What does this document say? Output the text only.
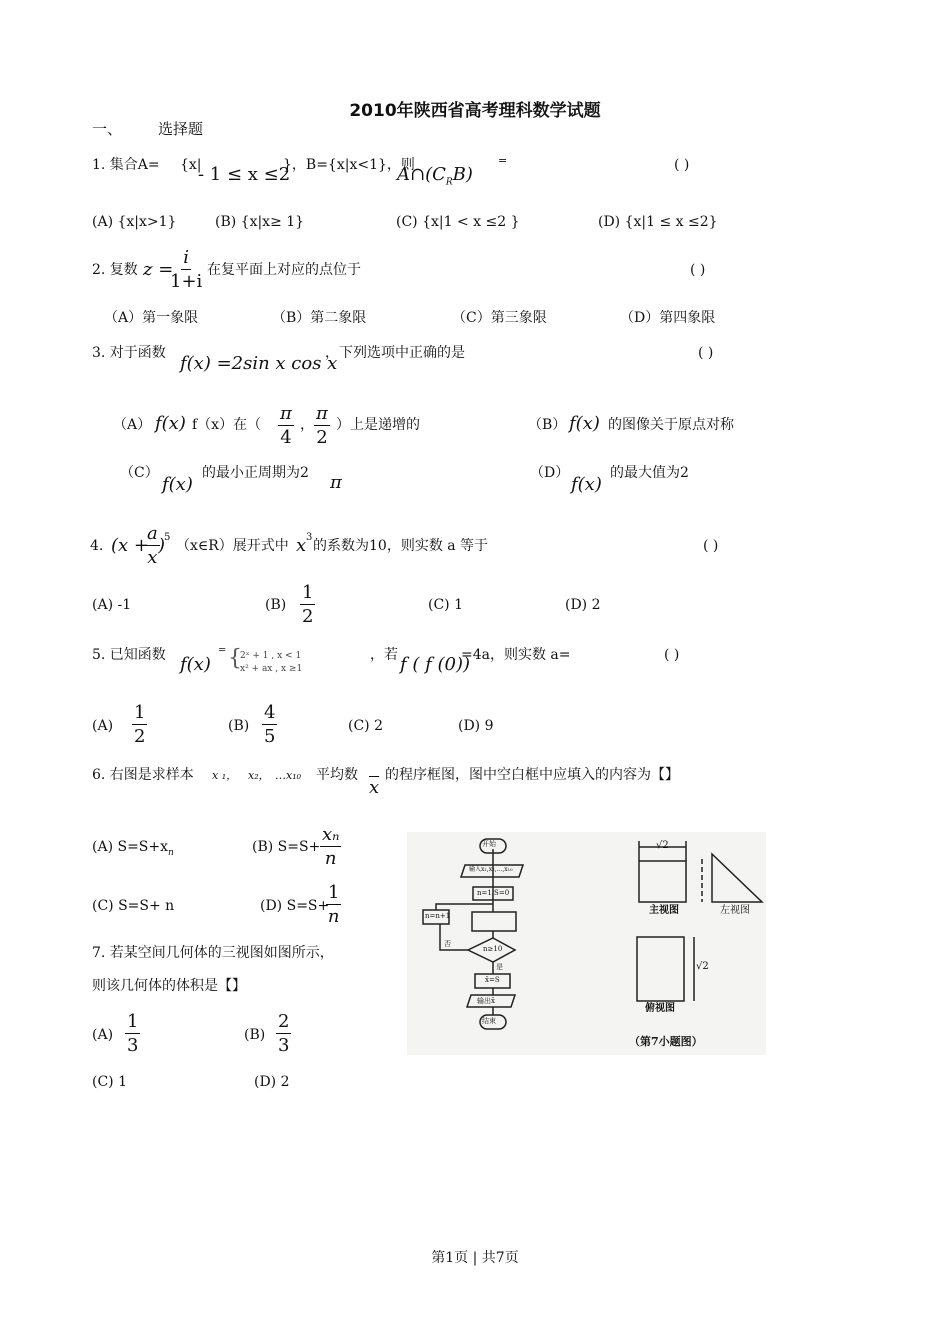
2010年陕西省高考理科数学试题
一、 选择题
1. 集合A= {x|
- 1 ≤ x ≤2
}，B={x|x<1}，则
$A\cap(C_RB)$
=	( )
(A) {x|x>1}	(B) {x|x≥ 1}	(C) {x|1 < x ≤2 }	(D) {x|1 ≤ x ≤2}
2. 复数 z =
$\frac{i}{1+i}$ 在复平面上对应的点位于	( )
（A）第一象限	（B）第二象限	（C）第三象限	（D）第四象限
3. 对于函数 f(x) =2sin x cos x
，下列选项中正确的是	( )
（A） f(x) f（x）在（ $\frac{\pi}{4}$ ， $\frac{\pi}{2}$ ）上是递增的	（B） f(x) 的图像关于原点对称
（C）
f(x)
的最小正周期为2 π	（D）
f(x)
的最大值为2
4. (x +
$\frac{a}{x}$
)
5
（x∈R）展开式中 x 3
的系数为10，则实数 a 等于	( )
(A) -1	$(B) \frac{1}{2}$	(C) 1	(D) 2
5. 已知函数 f(x)
= {
2ˣ + 1 , x < 1
x² + ax , x ≥1
，若 f ( f (0))
=4a，则实数 a=	( )
$(A) \frac{1}{2}$	$(B) \frac{4}{5}$	(C) 2	(D) 9
6. 右图是求样本 x ₁， x₂， …x₁₀ 平均数
$\overline{x}$
的程序框图，图中空白框中应填入的内容为【】
(A) $S=S+x_n$	(B) $S=S+ \frac{\text{xₙ}}{n}$
(C) S=S+ n	(D) S=S+
$\frac{1}{n}$
7. 若某空间几何体的三视图如图所示，
则该几何体的体积是【】
$(A) \frac{1}{3}$	$(B) \frac{2}{3}$
(C) 1	(D) 2
开始
输入x₁,x₂,…,x₁₀
n=1,S=0
n=n+1
n≥10
否
是
x̄=S
输出x̄
结束
√2
主视图	左视图
√2
俯视图
（第7小题图）
第1页 | 共7页
